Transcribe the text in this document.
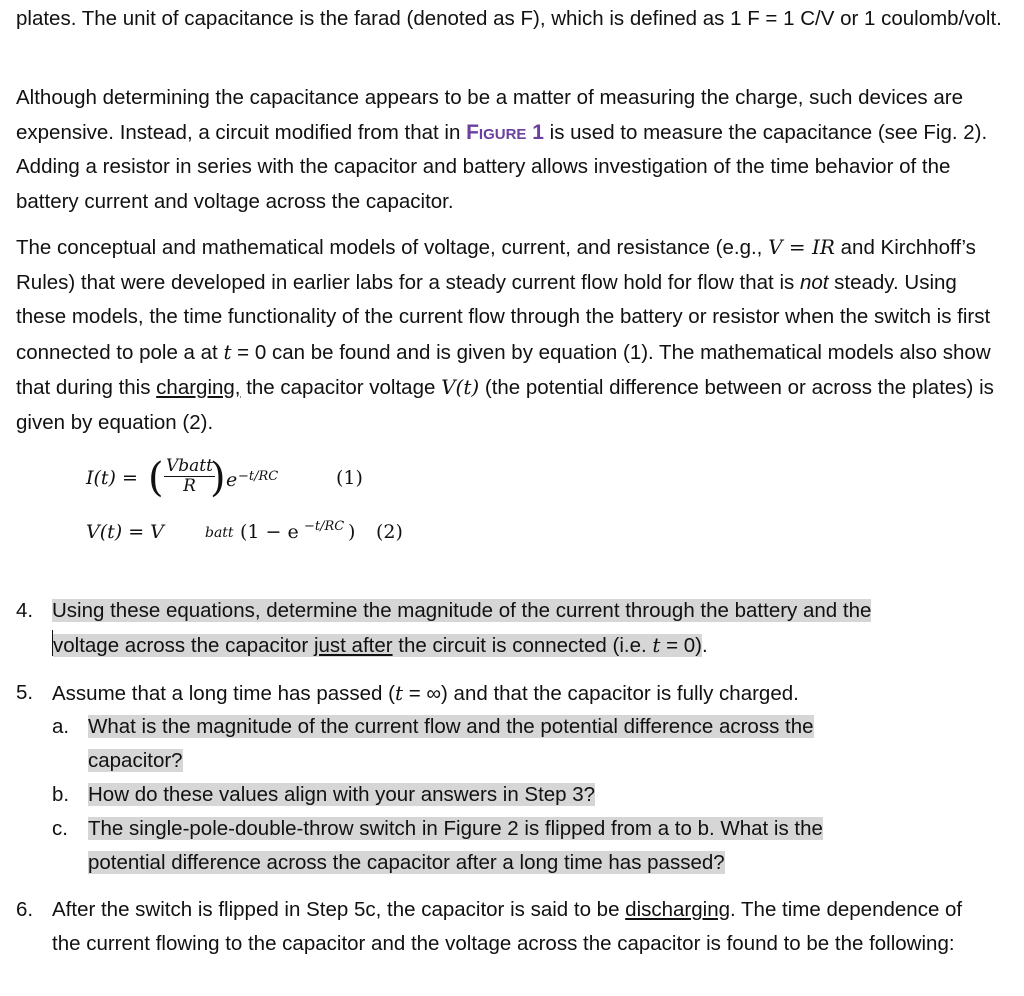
plates. The unit of capacitance is the farad (denoted as F), which is defined as 1 F = 1 C/V or 1 coulomb/volt.

Although determining the capacitance appears to be a matter of measuring the charge, such devices are expensive. Instead, a circuit modified from that in Figure 1 is used to measure the capacitance (see Fig. 2). Adding a resistor in series with the capacitor and battery allows investigation of the time behavior of the battery current and voltage across the capacitor.

The conceptual and mathematical models of voltage, current, and resistance (e.g., V = IR and Kirchhoff’s Rules) that were developed in earlier labs for a steady current flow hold for flow that is not steady. Using these models, the time functionality of the current flow through the battery or resistor when the switch is first connected to pole a at t = 0 can be found and is given by equation (1). The mathematical models also show that during this charging, the capacitor voltage V(t) (the potential difference between or across the plates) is given by equation (2).

I(t) = ( Vbatt
R ) e −t/RC	(1)
V(t) = V	batt (1 − e −t/RC ) (2)
4. Using these equations, determine the magnitude of the current through the battery and the
voltage across the capacitor just after the circuit is connected (i.e. t = 0).
5. Assume that a long time has passed (t = ∞) and that the capacitor is fully charged.
a. What is the magnitude of the current flow and the potential difference across the
capacitor?
b. How do these values align with your answers in Step 3?
c. The single-pole-double-throw switch in Figure 2 is flipped from a to b. What is the
potential difference across the capacitor after a long time has passed?
6. After the switch is flipped in Step 5c, the capacitor is said to be discharging. The time dependence of the current flowing to the capacitor and the voltage across the capacitor is found to be the following:
